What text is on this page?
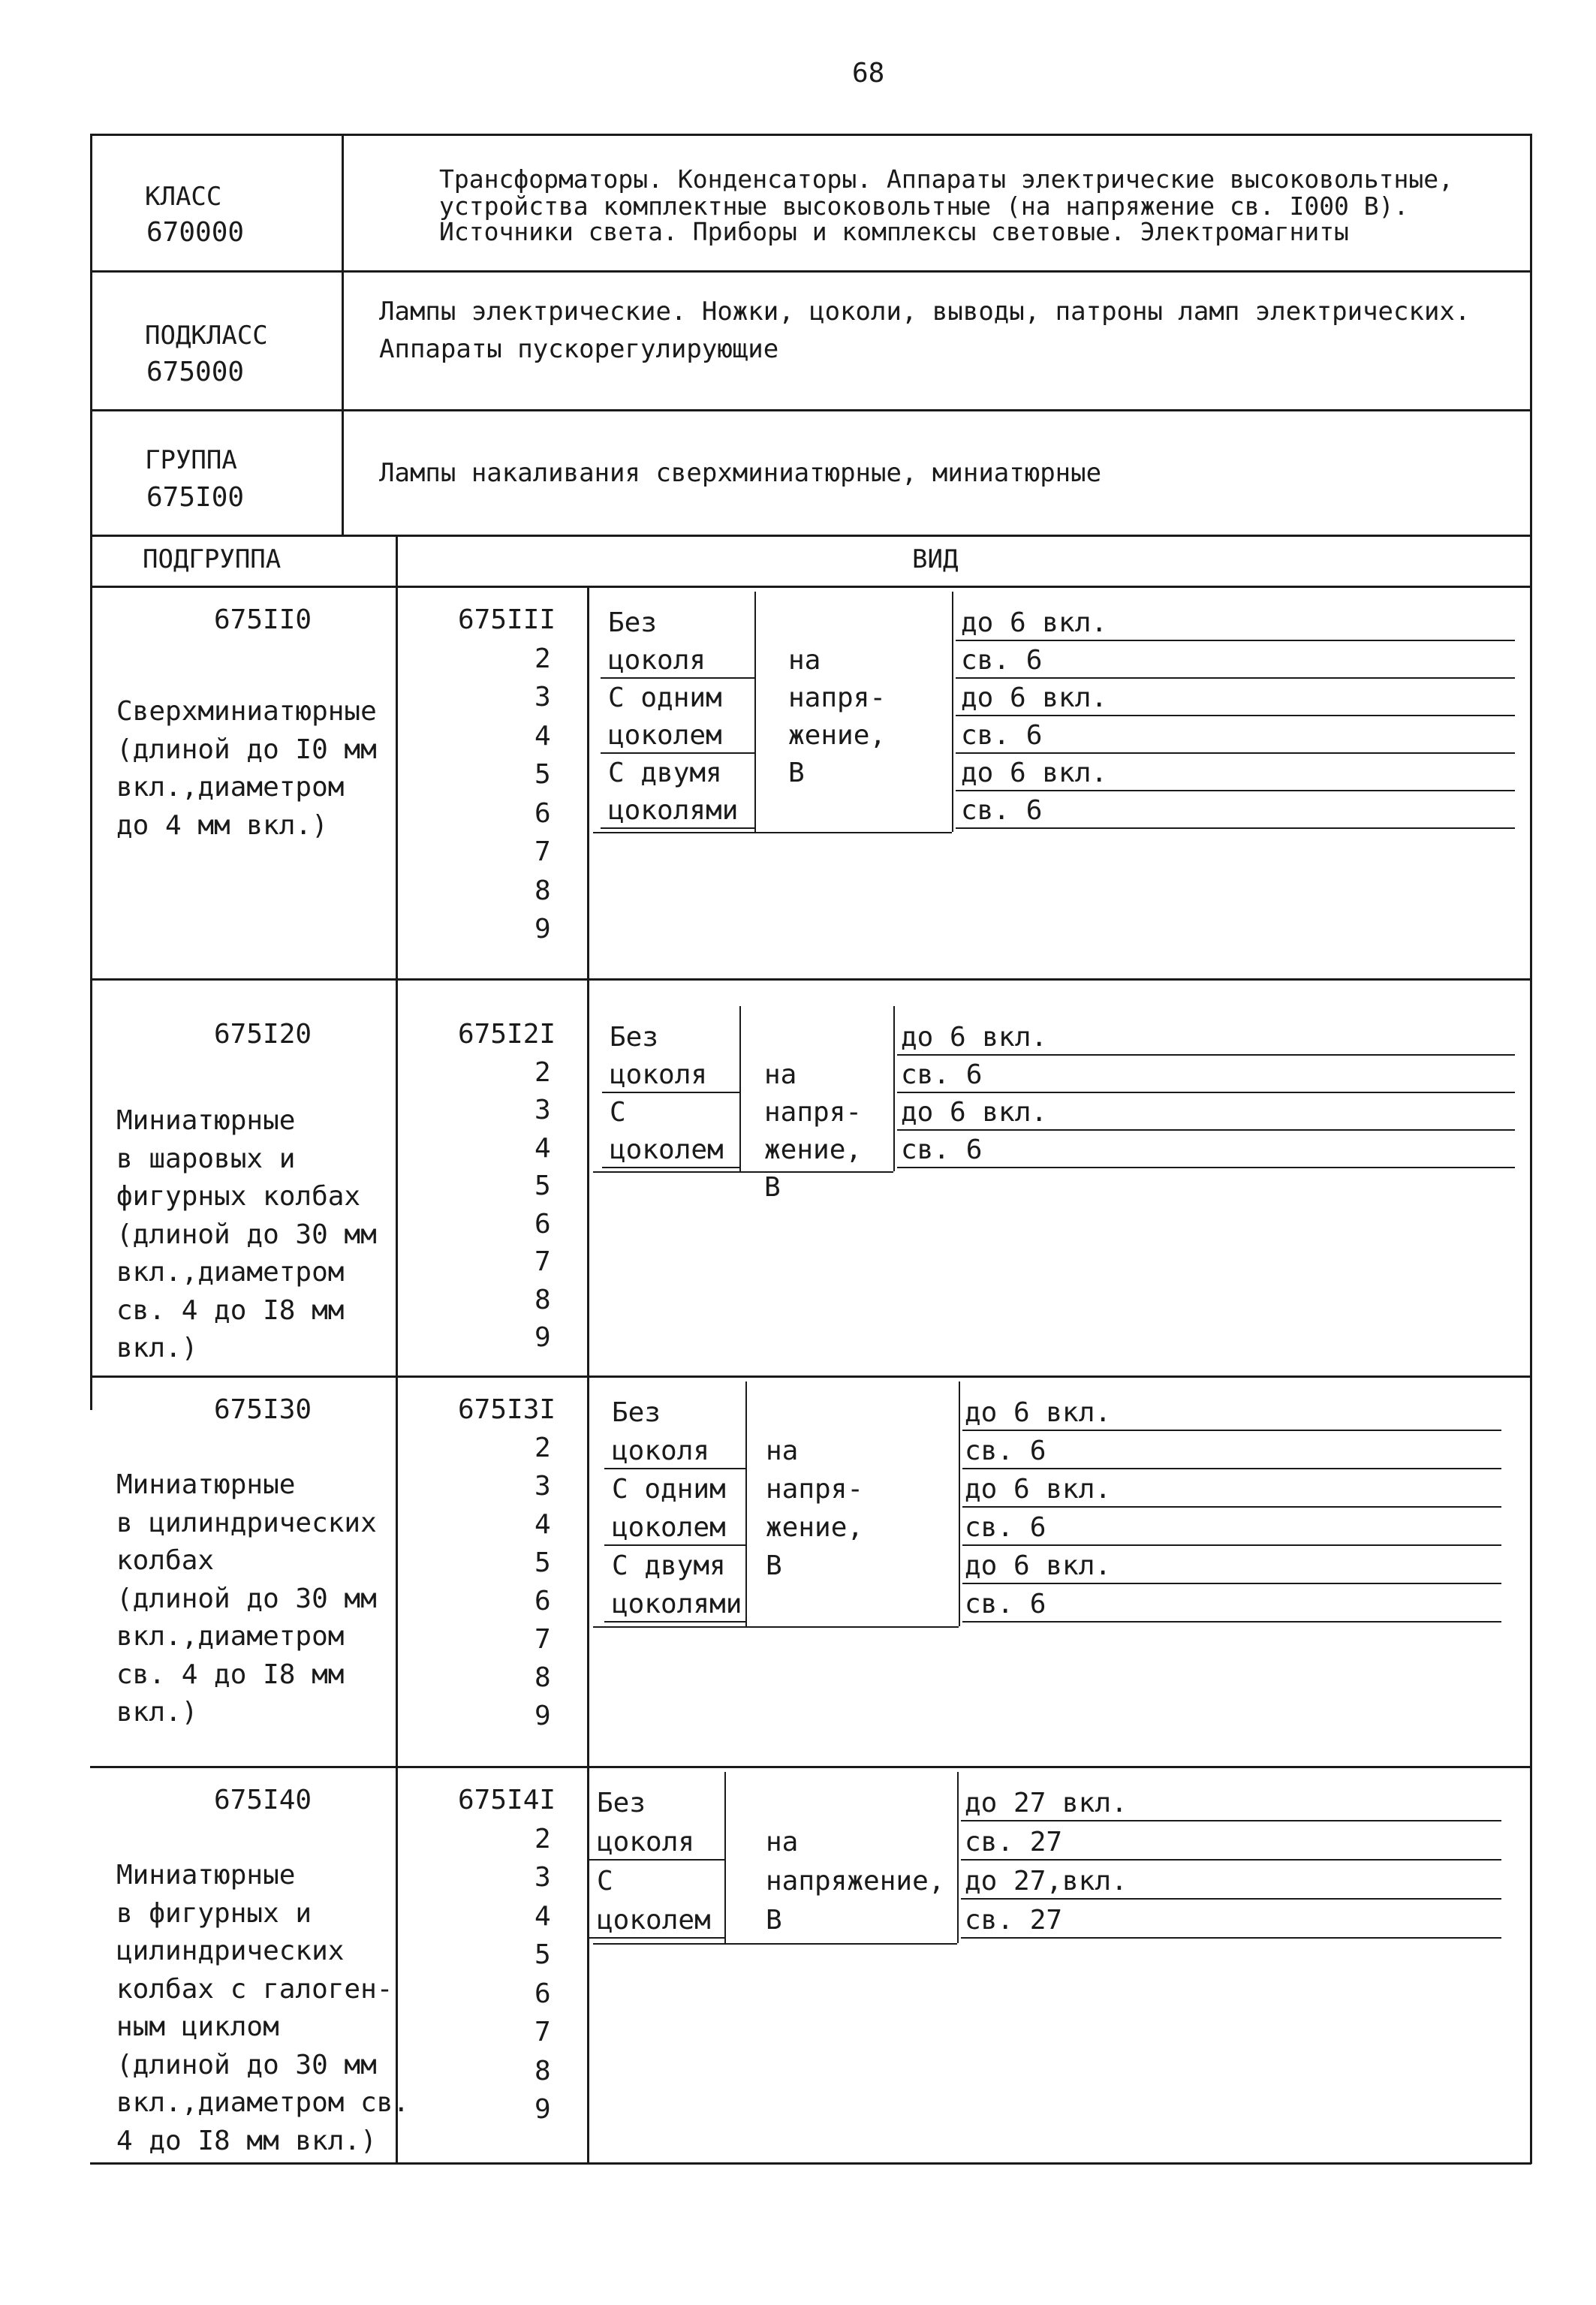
68
КЛАСС
670000
Трансформаторы. Конденсаторы. Аппараты электрические высоковольтные,
устройства комплектные высоковольтные (на напряжение св. I000 В).
Источники света. Приборы и комплексы световые. Электромагниты
ПОДКЛАСС
675000
Лампы электрические. Ножки, цоколи, выводы, патроны ламп электрических.
Аппараты пускорегулирующие
ГРУППА
675I00
Лампы накаливания сверхминиатюрные, миниатюрные
ПОДГРУППА	ВИД
675II0
Сверхминиатюрные
(длиной до I0 мм
вкл.,диаметром
до 4 мм вкл.)
675III
2
3
4
5
6
7
8
9
Без
цоколя
С одним
цоколем
С двумя
цоколями
на
напря-
жение,
В
до 6 вкл.
св. 6
до 6 вкл.
св. 6
до 6 вкл.
св. 6
675I20
Миниатюрные
в шаровых и
фигурных колбах
(длиной до 30 мм
вкл.,диаметром
св. 4 до I8 мм
вкл.)
675I2I
2
3
4
5
6
7
8
9
Без
цоколя
С
цоколем
на
напря-
жение,
В
до 6 вкл.
св. 6
до 6 вкл.
св. 6
675I30
Миниатюрные
в цилиндрических
колбах
(длиной до 30 мм
вкл.,диаметром
св. 4 до I8 мм
вкл.)
675I3I
2
3
4
5
6
7
8
9
Без
цоколя
С одним
цоколем
С двумя
цоколями
на
напря-
жение,
В
до 6 вкл.
св. 6
до 6 вкл.
св. 6
до 6 вкл.
св. 6
675I40
Миниатюрные
в фигурных и
цилиндрических
колбах с галоген-
ным циклом
(длиной до 30 мм
вкл.,диаметром св.
4 до I8 мм вкл.)
675I4I
2
3
4
5
6
7
8
9
Без
цоколя
С
цоколем
на
напряжение,
В
до 27 вкл.
св. 27
до 27,вкл.
св. 27
